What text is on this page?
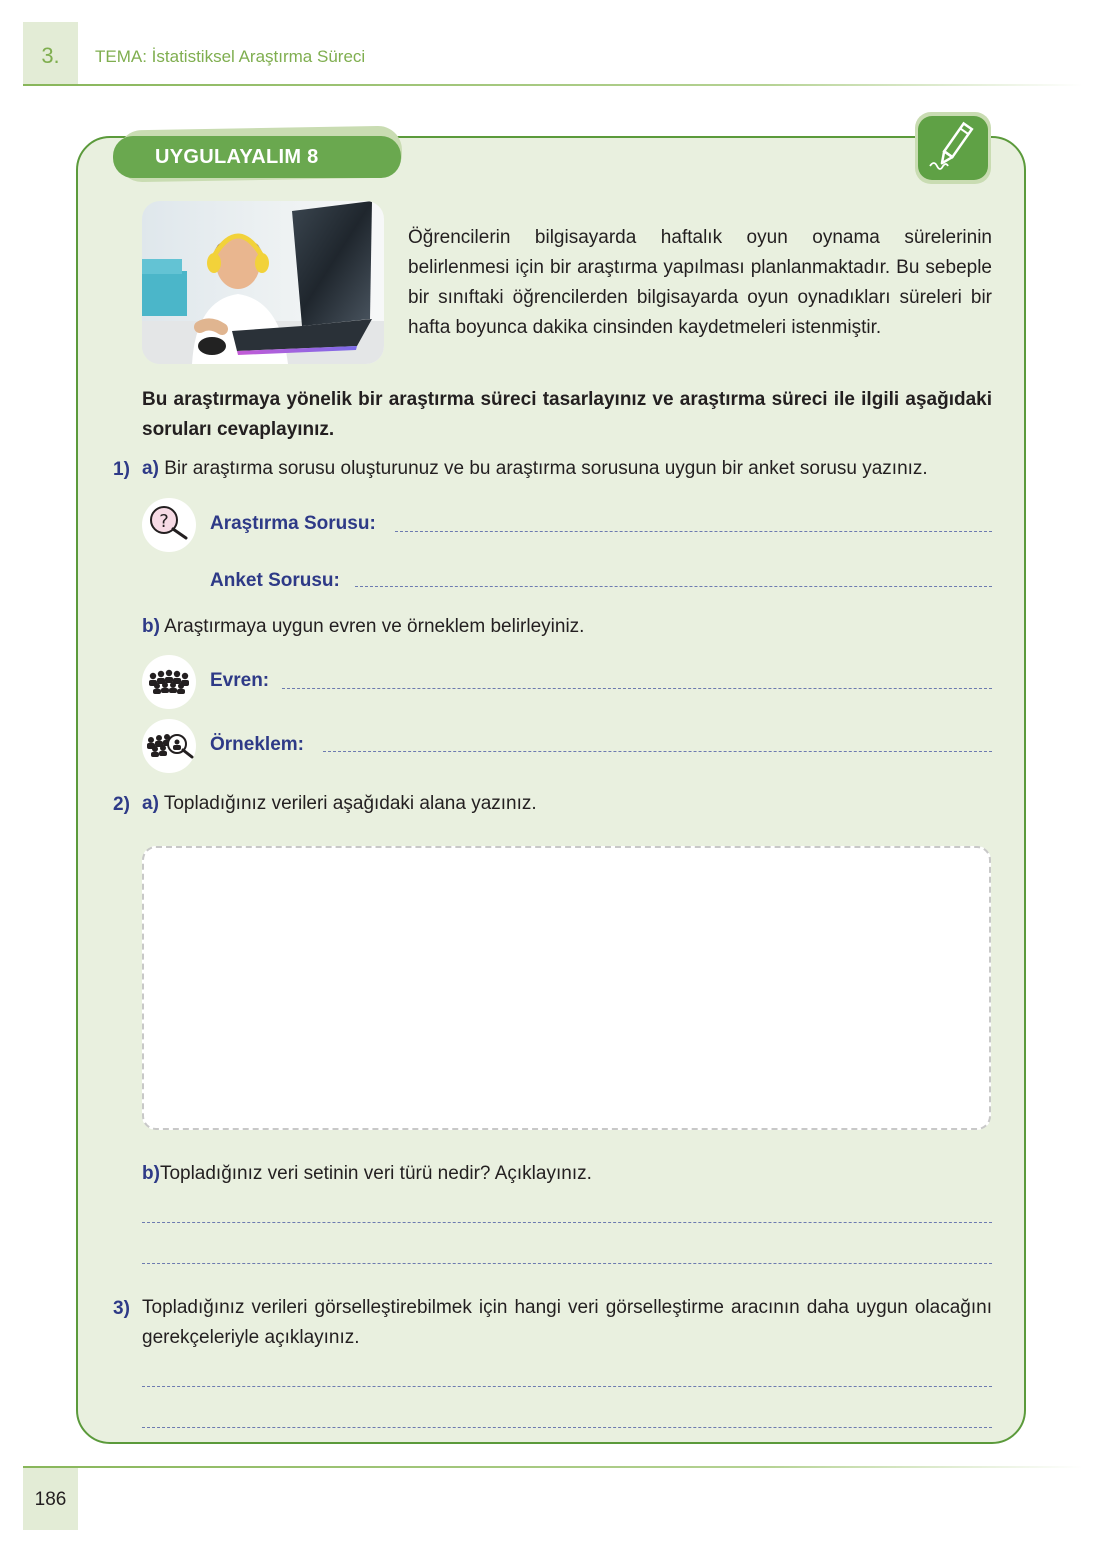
3.	TEMA: İstatistiksel Araştırma Süreci
UYGULAYALIM 8
Öğrencilerin bilgisayarda haftalık oyun oynama sürelerinin belirlenmesi için bir araştırma yapılması planlanmaktadır. Bu sebeple bir sınıftaki öğrencilerden bilgisayarda oyun oynadıkları süreleri bir hafta boyunca dakika cinsinden kaydetmeleri istenmiştir.
Bu araştırmaya yönelik bir araştırma süreci tasarlayınız ve araştırma süreci ile ilgili aşağıdaki soruları cevaplayınız.
1) a) Bir araştırma sorusu oluşturunuz ve bu araştırma sorusuna uygun bir anket sorusu yazınız.
? Araştırma Sorusu:
Anket Sorusu:
b) Araştırmaya uygun evren ve örneklem belirleyiniz.
Evren:
Örneklem:
2) a) Topladığınız verileri aşağıdaki alana yazınız.
b)Topladığınız veri setinin veri türü nedir? Açıklayınız.
3) Topladığınız verileri görselleştirebilmek için hangi veri görselleştirme aracının daha uygun olacağını gerekçeleriyle açıklayınız.
186
